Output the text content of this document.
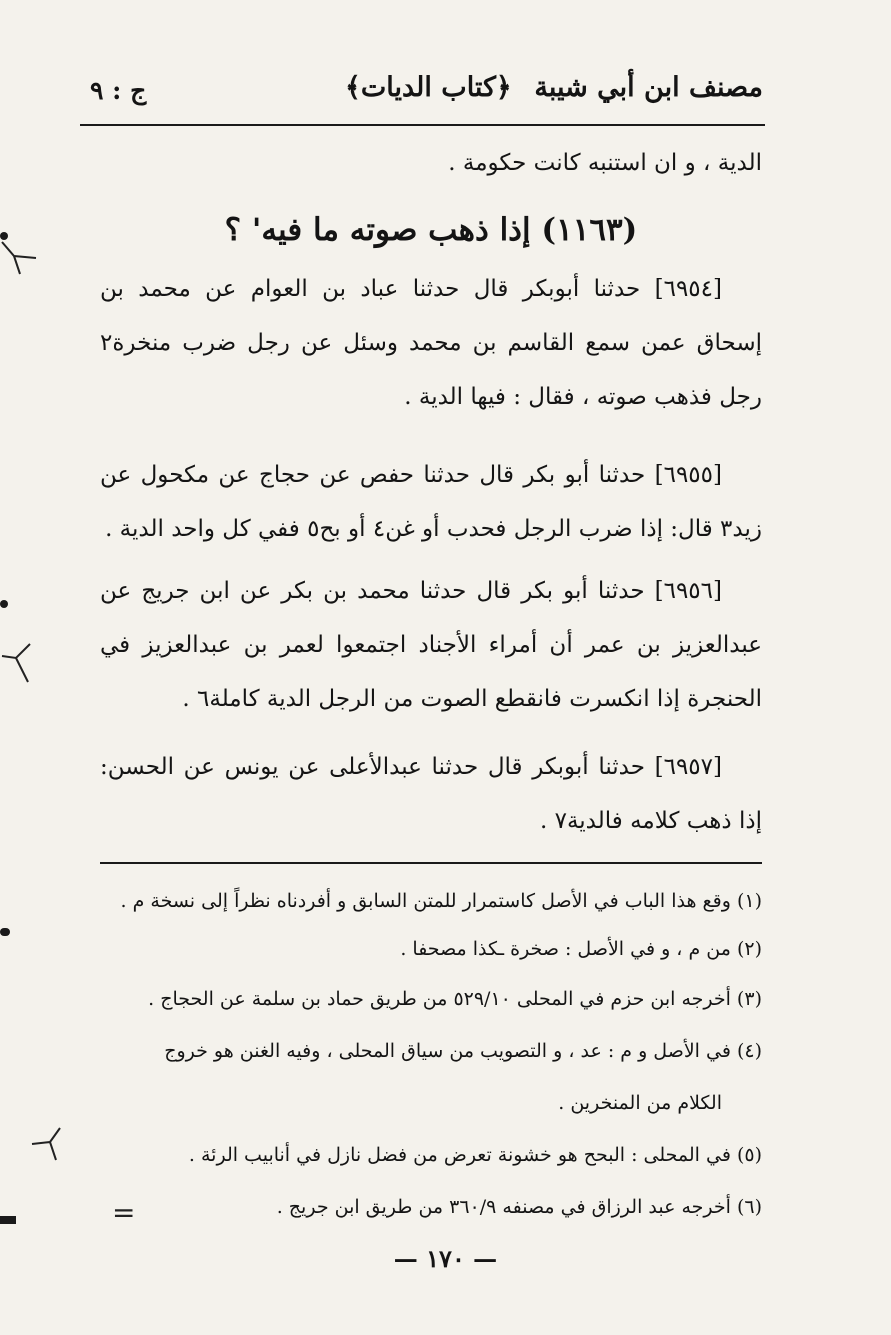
مصنف ابن أبي شيبة
﴿كتاب الديات﴾
ج : ٩
الدية ، و ان استنبه كانت حكومة .
(١١٦٣) إذا ذهب صوته ما فيه' ؟
[٦٩٥٤] حدثنا أبوبكر قال حدثنا عباد بن العوام عن محمد بن إسحاق عمن سمع القاسم بن محمد وسئل عن رجل ضرب منخرة٢ رجل فذهب صوته ، فقال : فيها الدية .
[٦٩٥٥] حدثنا أبو بكر قال حدثنا حفص عن حجاج عن مكحول عن زيد٣ قال: إذا ضرب الرجل فحدب أو غن٤ أو بح٥ ففي كل واحد الدية .
[٦٩٥٦] حدثنا أبو بكر قال حدثنا محمد بن بكر عن ابن جريج عن عبدالعزيز بن عمر أن أمراء الأجناد اجتمعوا لعمر بن عبدالعزيز في الحنجرة إذا انكسرت فانقطع الصوت من الرجل الدية كاملة٦ .
[٦٩٥٧] حدثنا أبوبكر قال حدثنا عبدالأعلى عن يونس عن الحسن: إذا ذهب كلامه فالدية٧ .
(١) وقع هذا الباب في الأصل كاستمرار للمتن السابق و أفردناه نظراً إلى نسخة م .
(٢) من م ، و في الأصل : صخرة ـكذا مصحفا .
(٣) أخرجه ابن حزم في المحلى ٥٢٩/١٠ من طريق حماد بن سلمة عن الحجاج .
(٤) في الأصل و م : عد ، و التصويب من سياق المحلى ، وفيه الغنن هو خروج
الكلام من المنخرين .
(٥) في المحلى : البحح هو خشونة تعرض من فضل نازل في أنابيب الرئة .
(٦) أخرجه عبد الرزاق في مصنفه ٣٦٠/٩ من طريق ابن جريج .
=
— ١٧٠ —
